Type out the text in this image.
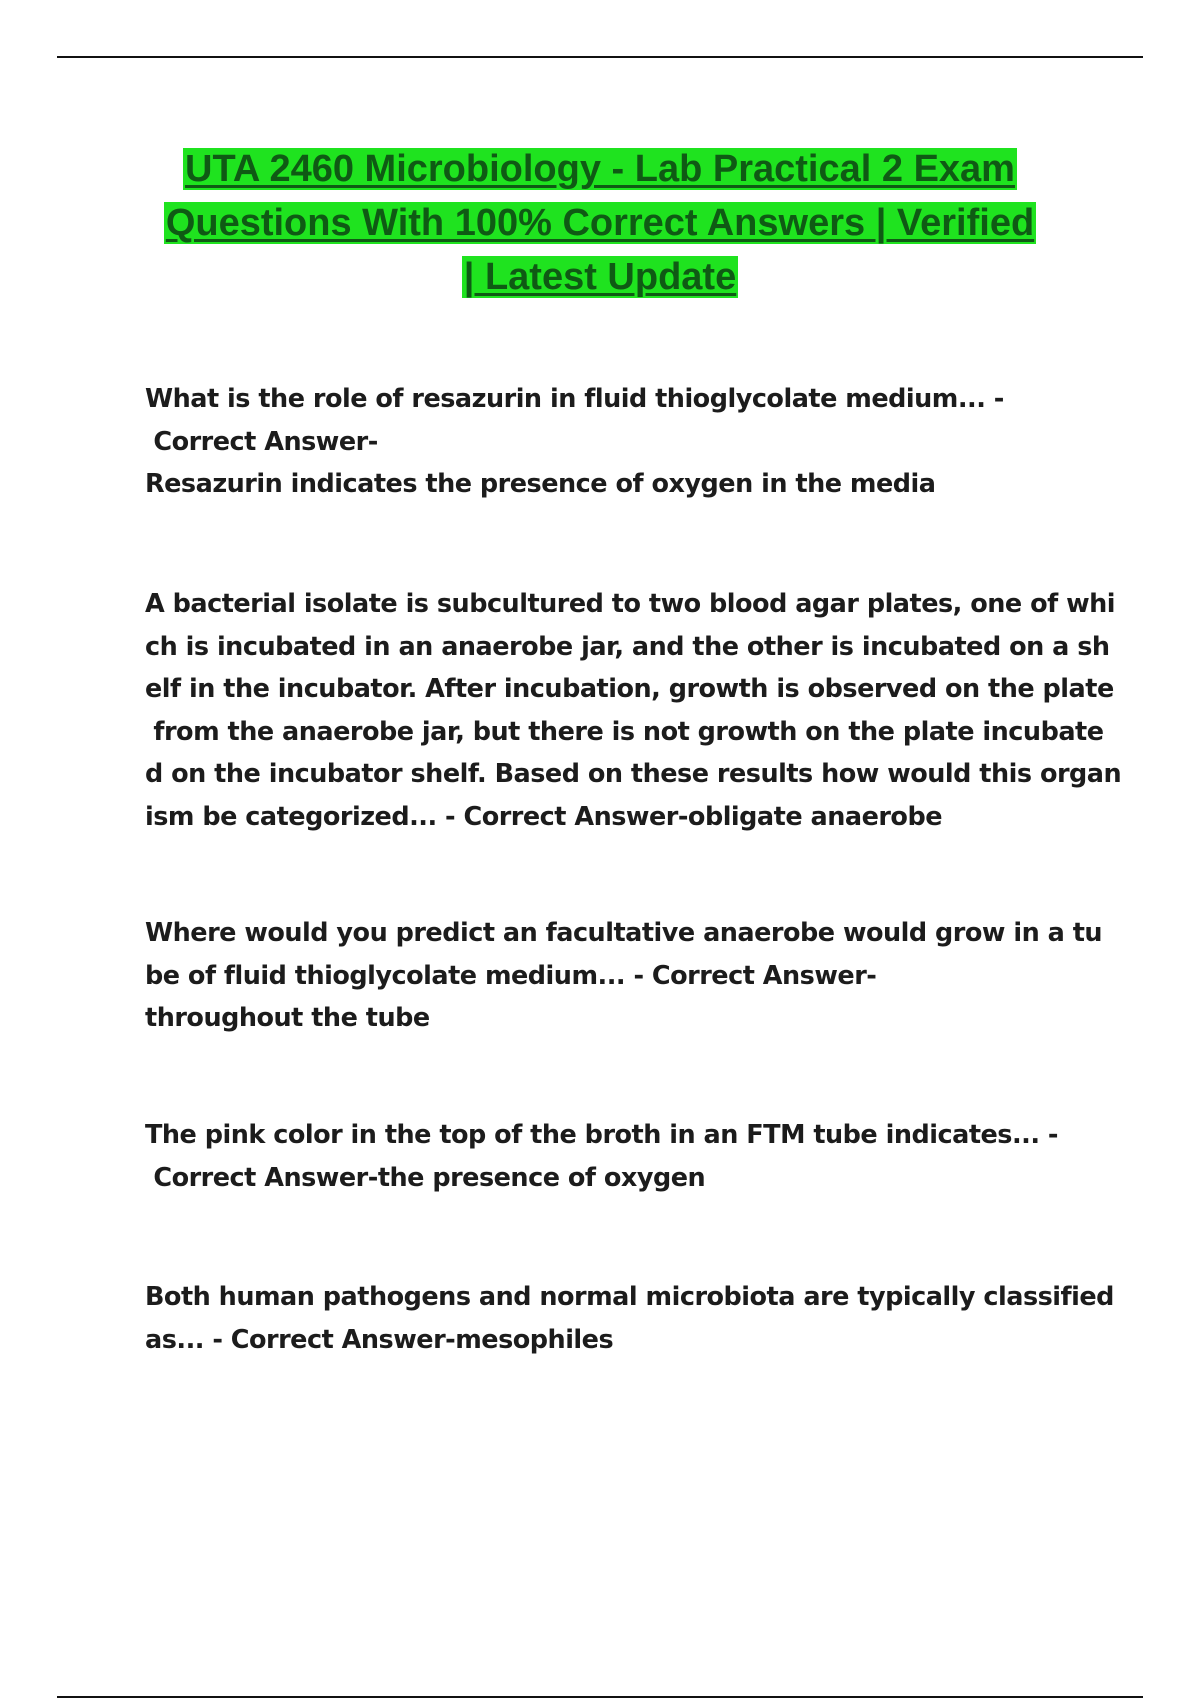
UTA 2460 Microbiology - Lab Practical 2 Exam
Questions With 100% Correct Answers | Verified
| Latest Update
What is the role of resazurin in fluid thioglycolate medium... -
Correct Answer-
Resazurin indicates the presence of oxygen in the media
A bacterial isolate is subcultured to two blood agar plates, one of whi
ch is incubated in an anaerobe jar, and the other is incubated on a sh
elf in the incubator. After incubation, growth is observed on the plate
from the anaerobe jar, but there is not growth on the plate incubate
d on the incubator shelf. Based on these results how would this organ
ism be categorized... - Correct Answer-obligate anaerobe
Where would you predict an facultative anaerobe would grow in a tu
be of fluid thioglycolate medium... - Correct Answer-
throughout the tube
The pink color in the top of the broth in an FTM tube indicates... -
Correct Answer-the presence of oxygen
Both human pathogens and normal microbiota are typically classified
as... - Correct Answer-mesophiles
